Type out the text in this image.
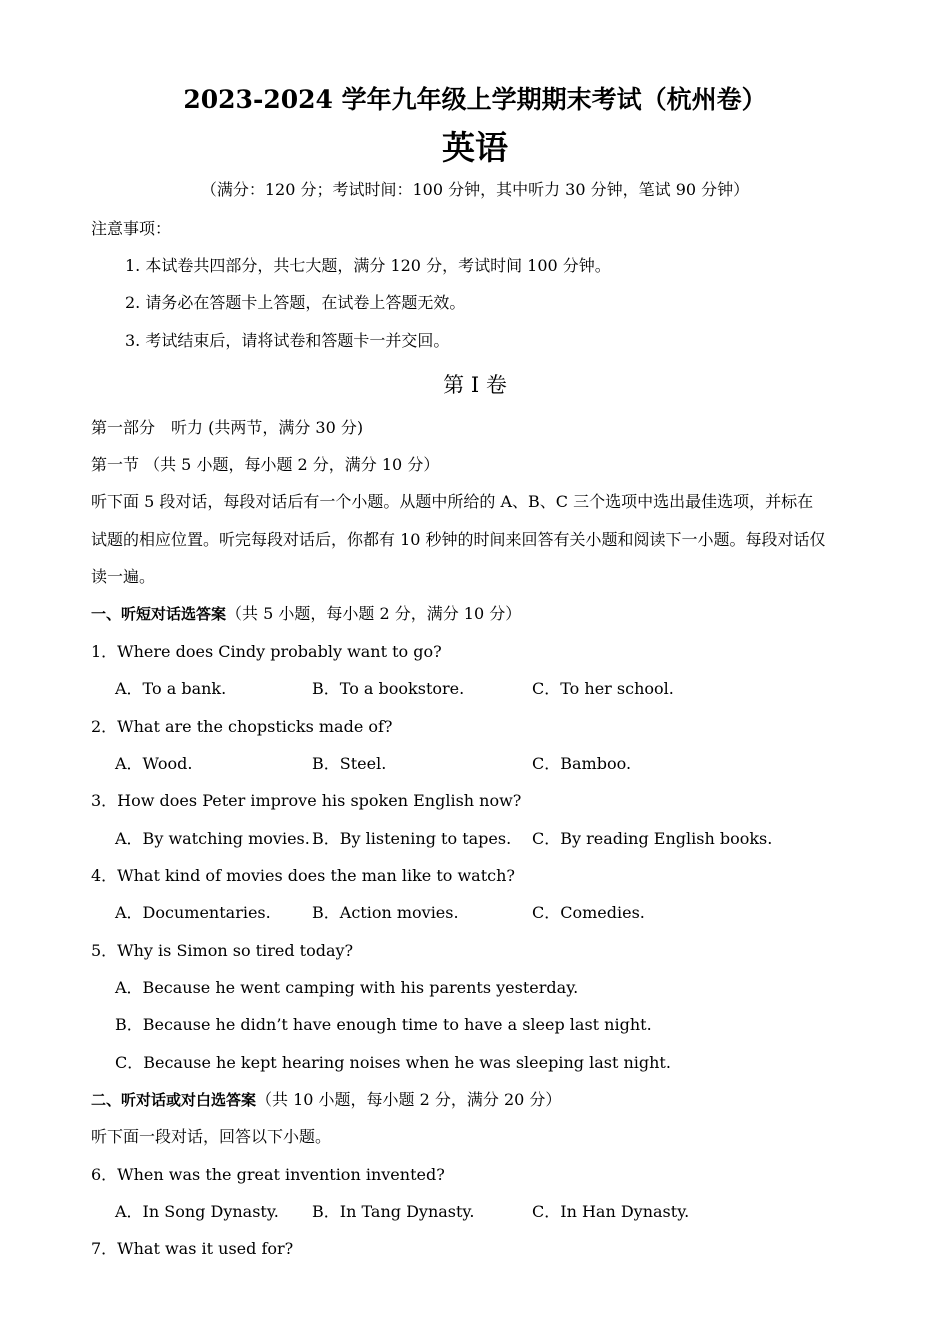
2023-2024 学年九年级上学期期末考试（杭州卷）
英语
（满分：120 分；考试时间：100 分钟，其中听力 30 分钟，笔试 90 分钟）
注意事项：
1. 本试卷共四部分，共七大题，满分 120 分，考试时间 100 分钟。
2. 请务必在答题卡上答题，在试卷上答题无效。
3. 考试结束后，请将试卷和答题卡一并交回。
第 I 卷
第一部分　听力 (共两节，满分 30 分)
第一节 （共 5 小题，每小题 2 分，满分 10 分）
听下面 5 段对话，每段对话后有一个小题。从题中所给的 A、B、C 三个选项中选出最佳选项，并标在
试题的相应位置。听完每段对话后，你都有 10 秒钟的时间来回答有关小题和阅读下一小题。每段对话仅
读一遍。
一、听短对话选答案（共 5 小题，每小题 2 分，满分 10 分）
1．Where does Cindy probably want to go?
A．To a bank.	B．To a bookstore.	C．To her school.
2．What are the chopsticks made of?
A．Wood.	B．Steel.	C．Bamboo.
3．How does Peter improve his spoken English now?
A．By watching movies. B．By listening to tapes. C．By reading English books.
4．What kind of movies does the man like to watch?
A．Documentaries.	B．Action movies.	C．Comedies.
5．Why is Simon so tired today?
A．Because he went camping with his parents yesterday.
B．Because he didn’t have enough time to have a sleep last night.
C．Because he kept hearing noises when he was sleeping last night.
二、听对话或对白选答案（共 10 小题，每小题 2 分，满分 20 分）
听下面一段对话，回答以下小题。
6．When was the great invention invented?
A．In Song Dynasty. B．In Tang Dynasty.	C．In Han Dynasty.
7．What was it used for?
